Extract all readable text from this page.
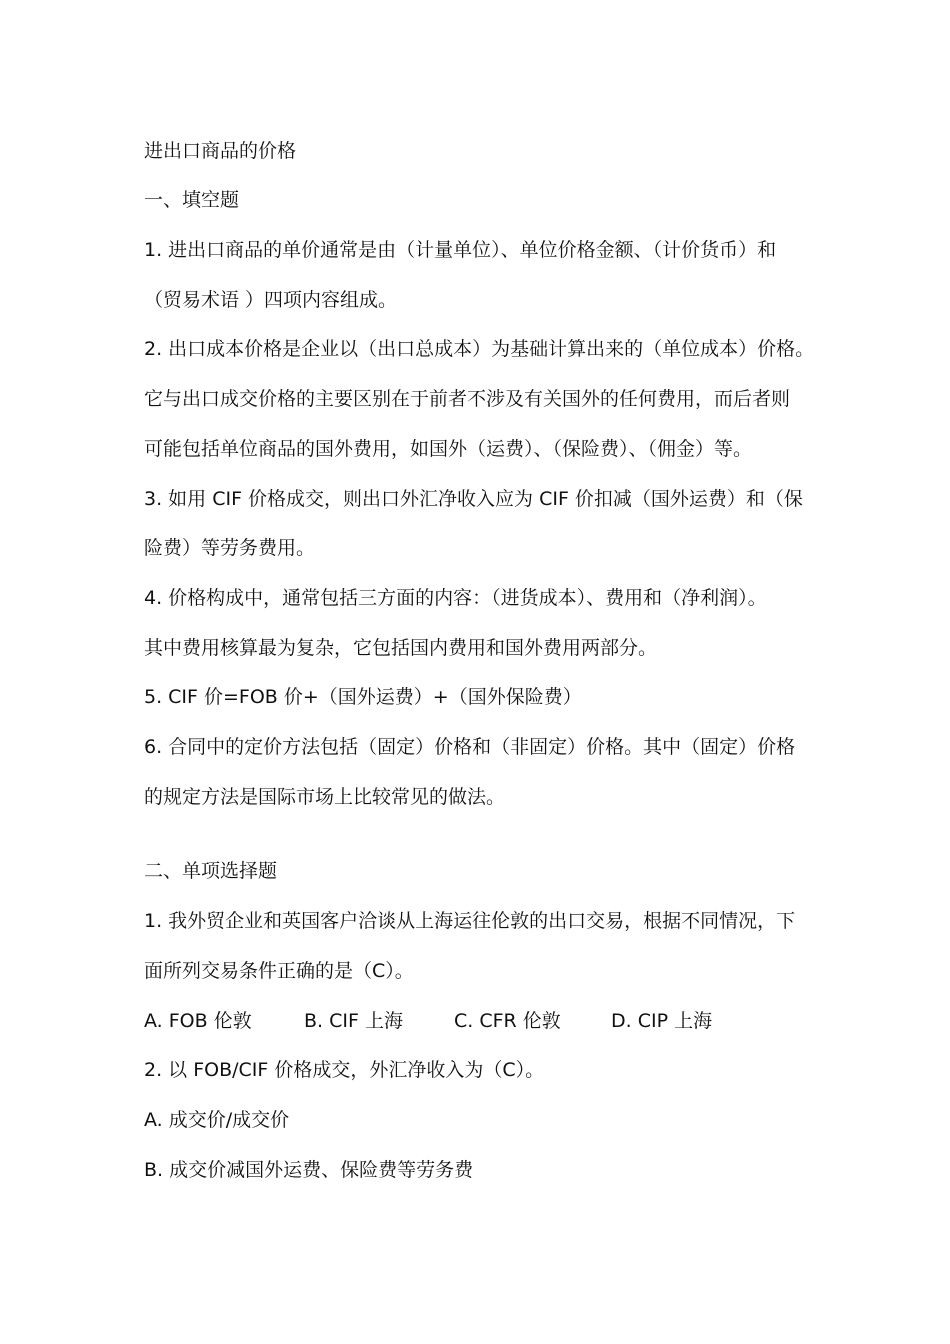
进出口商品的价格
一、填空题
1. 进出口商品的单价通常是由（计量单位）、单位价格金额、（计价货币）和
（贸易术语 ）四项内容组成。
2. 出口成本价格是企业以（出口总成本）为基础计算出来的（单位成本）价格。
它与出口成交价格的主要区别在于前者不涉及有关国外的任何费用，而后者则
可能包括单位商品的国外费用，如国外（运费）、（保险费）、（佣金）等。
3. 如用 CIF 价格成交，则出口外汇净收入应为 CIF 价扣减（国外运费）和（保
险费）等劳务费用。
4. 价格构成中，通常包括三方面的内容：（进货成本）、费用和（净利润）。
其中费用核算最为复杂，它包括国内费用和国外费用两部分。
5. CIF 价=FOB 价+（国外运费）+（国外保险费）
6. 合同中的定价方法包括（固定）价格和（非固定）价格。其中（固定）价格
的规定方法是国际市场上比较常见的做法。
二、单项选择题
1. 我外贸企业和英国客户洽谈从上海运往伦敦的出口交易，根据不同情况，下
面所列交易条件正确的是（C）。
A. FOB 伦敦	B. CIF 上海	C. CFR 伦敦	D. CIP 上海
2. 以 FOB/CIF 价格成交，外汇净收入为（C）。
A. 成交价/成交价
B. 成交价减国外运费、保险费等劳务费
